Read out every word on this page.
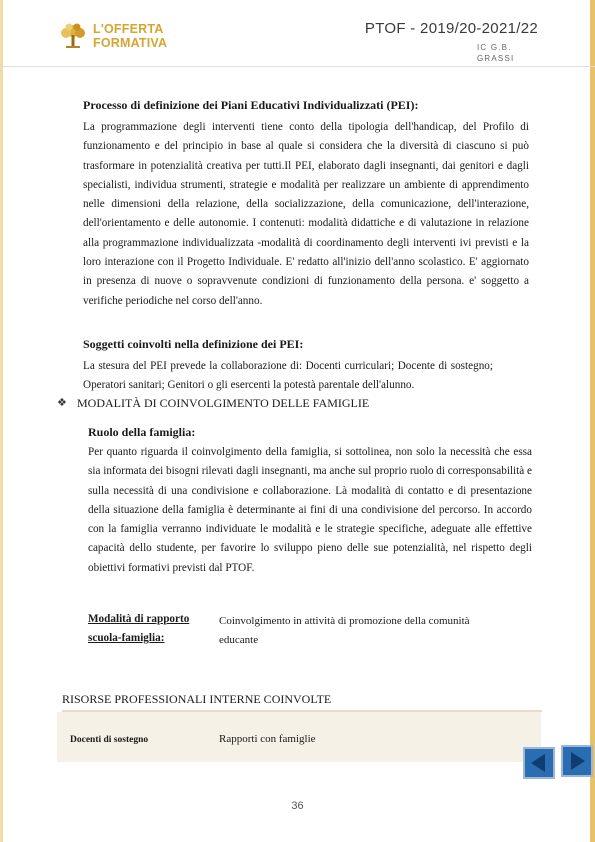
L'OFFERTA
FORMATIVA
PTOF - 2019/20-2021/22
IC G.B.
GRASSI
Processo di definizione dei Piani Educativi Individualizzati (PEI):
La programmazione degli interventi tiene conto della tipologia dell'handicap, del Profilo di funzionamento e del principio in base al quale si considera che la diversità di ciascuno si può trasformare in potenzialità creativa per tutti.Il PEI, elaborato dagli insegnanti, dai genitori e dagli specialisti, individua strumenti, strategie e modalità per realizzare un ambiente di apprendimento nelle dimensioni della relazione, della socializzazione, della comunicazione, dell'interazione, dell'orientamento e delle autonomie. I contenuti: modalità didattiche e di valutazione in relazione alla programmazione individualizzata -modalità di coordinamento degli interventi ivi previsti e la loro interazione con il Progetto Individuale. E' redatto all'inizio dell'anno scolastico. E' aggiornato in presenza di nuove o sopravvenute condizioni di funzionamento della persona. e' soggetto a verifiche periodiche nel corso dell'anno.
Soggetti coinvolti nella definizione dei PEI:
La stesura del PEI prevede la collaborazione di: Docenti curriculari; Docente di sostegno; Operatori sanitari; Genitori o gli esercenti la potestà parentale dell'alunno.
❖ MODALITÀ DI COINVOLGIMENTO DELLE FAMIGLIE
Ruolo della famiglia:
Per quanto riguarda il coinvolgimento della famiglia, si sottolinea, non solo la necessità che essa sia informata dei bisogni rilevati dagli insegnanti, ma anche sul proprio ruolo di corresponsabilità e sulla necessità di una condivisione e collaborazione. Là modalità di contatto e di presentazione della situazione della famiglia è determinante ai fini di una condivisione del percorso. In accordo con la famiglia verranno individuate le modalità e le strategie specifiche, adeguate alle effettive capacità dello studente, per favorire lo sviluppo pieno delle sue potenzialità, nel rispetto degli obiettivi formativi previsti dal PTOF.
Modalità di rapporto scuola-famiglia:
Coinvolgimento in attività di promozione della comunità educante
RISORSE PROFESSIONALI INTERNE COINVOLTE
Docenti di sostegno	Rapporti con famiglie
36
